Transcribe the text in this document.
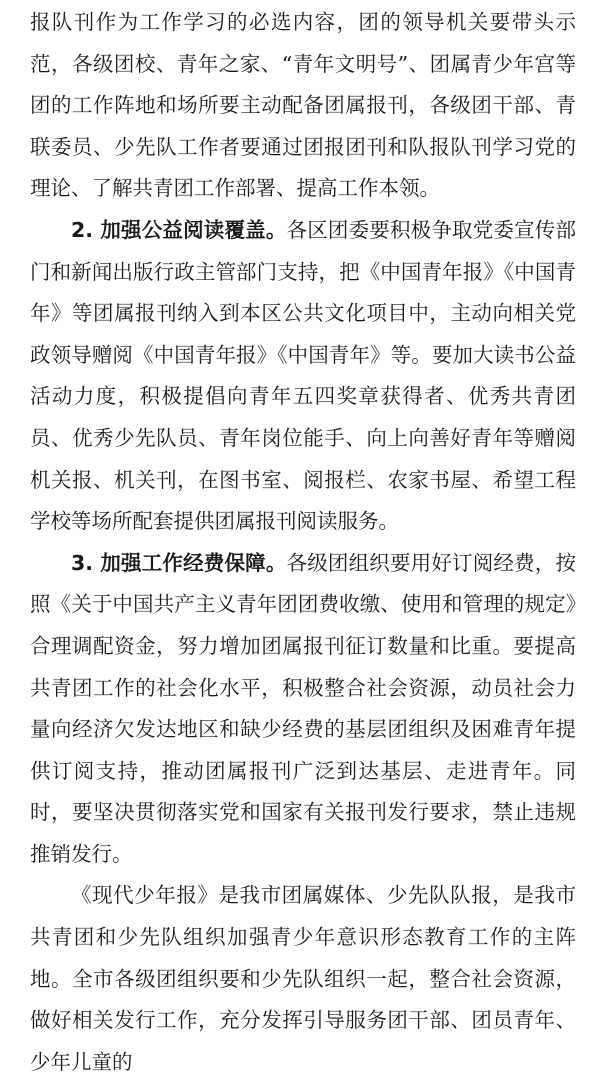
报队刊作为工作学习的必选内容，团的领导机关要带头示范，各级团校、青年之家、“青年文明号”、团属青少年宫等团的工作阵地和场所要主动配备团属报刊，各级团干部、青联委员、少先队工作者要通过团报团刊和队报队刊学习党的理论、了解共青团工作部署、提高工作本领。

2. 加强公益阅读覆盖。各区团委要积极争取党委宣传部门和新闻出版行政主管部门支持，把《中国青年报》《中国青年》等团属报刊纳入到本区公共文化项目中，主动向相关党政领导赠阅《中国青年报》《中国青年》等。要加大读书公益活动力度，积极提倡向青年五四奖章获得者、优秀共青团员、优秀少先队员、青年岗位能手、向上向善好青年等赠阅机关报、机关刊，在图书室、阅报栏、农家书屋、希望工程学校等场所配套提供团属报刊阅读服务。

3. 加强工作经费保障。各级团组织要用好订阅经费，按照《关于中国共产主义青年团团费收缴、使用和管理的规定》合理调配资金，努力增加团属报刊征订数量和比重。要提高共青团工作的社会化水平，积极整合社会资源，动员社会力量向经济欠发达地区和缺少经费的基层团组织及困难青年提供订阅支持，推动团属报刊广泛到达基层、走进青年。同时，要坚决贯彻落实党和国家有关报刊发行要求，禁止违规推销发行。

《现代少年报》是我市团属媒体、少先队队报，是我市共青团和少先队组织加强青少年意识形态教育工作的主阵地。全市各级团组织要和少先队组织一起，整合社会资源，做好相关发行工作，充分发挥引导服务团干部、团员青年、少年儿童的
